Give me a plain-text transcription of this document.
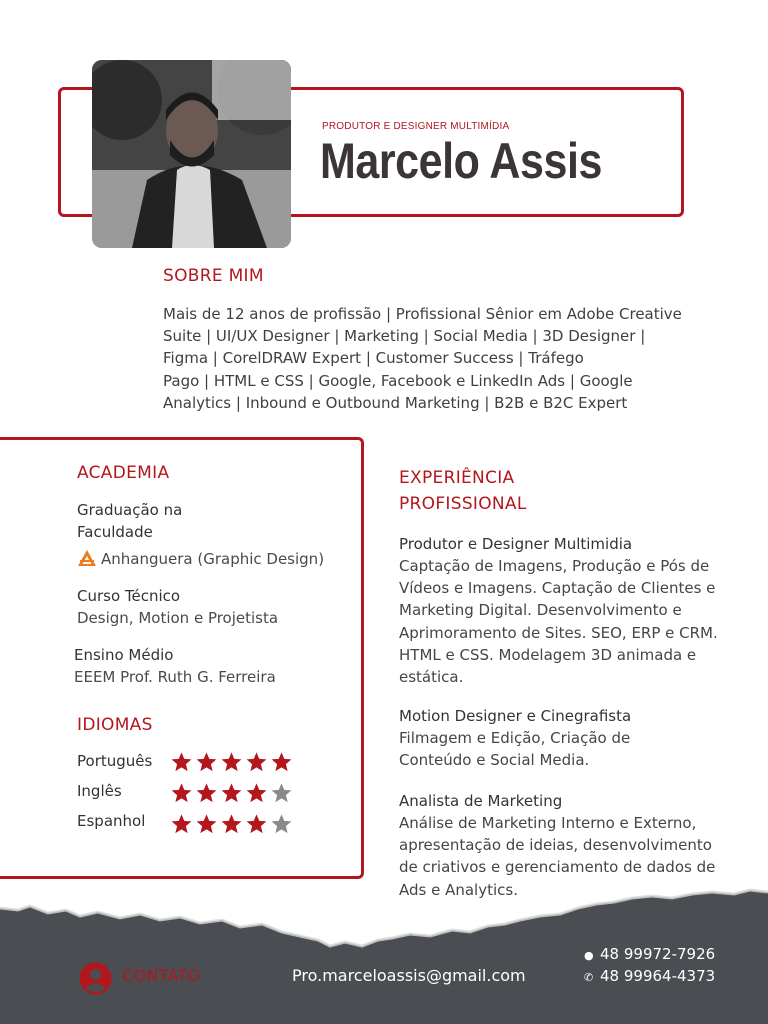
PRODUTOR E DESIGNER MULTIMÍDIA
Marcelo Assis
SOBRE MIM
Mais de 12 anos de profissão | Profissional Sênior em Adobe Creative
Suite | UI/UX Designer | Marketing | Social Media | 3D Designer |
Figma | CorelDRAW Expert | Customer Success | Tráfego
Pago | HTML e CSS | Google, Facebook e LinkedIn Ads | Google
Analytics | Inbound e Outbound Marketing | B2B e B2C Expert
ACADEMIA
Graduação na
Faculdade
Anhanguera (Graphic Design)
Curso Técnico
Design, Motion e Projetista
Ensino Médio
EEEM Prof. Ruth G. Ferreira
IDIOMAS
Português
Inglês
Espanhol
EXPERIÊNCIA
PROFISSIONAL
Produtor e Designer Multimidia
Captação de Imagens, Produção e Pós de
Vídeos e Imagens. Captação de Clientes e
Marketing Digital. Desenvolvimento e
Aprimoramento de Sites. SEO, ERP e CRM.
HTML e CSS. Modelagem 3D animada e
estática.
Motion Designer e Cinegrafista
Filmagem e Edição, Criação de
Conteúdo e Social Media.
Analista de Marketing
Análise de Marketing Interno e Externo,
apresentação de ideias, desenvolvimento
de criativos e gerenciamento de dados de
Ads e Analytics.
CONTATO	Pro.marceloassis@gmail.com
● 48 99972-7926
✆ 48 99964-4373
